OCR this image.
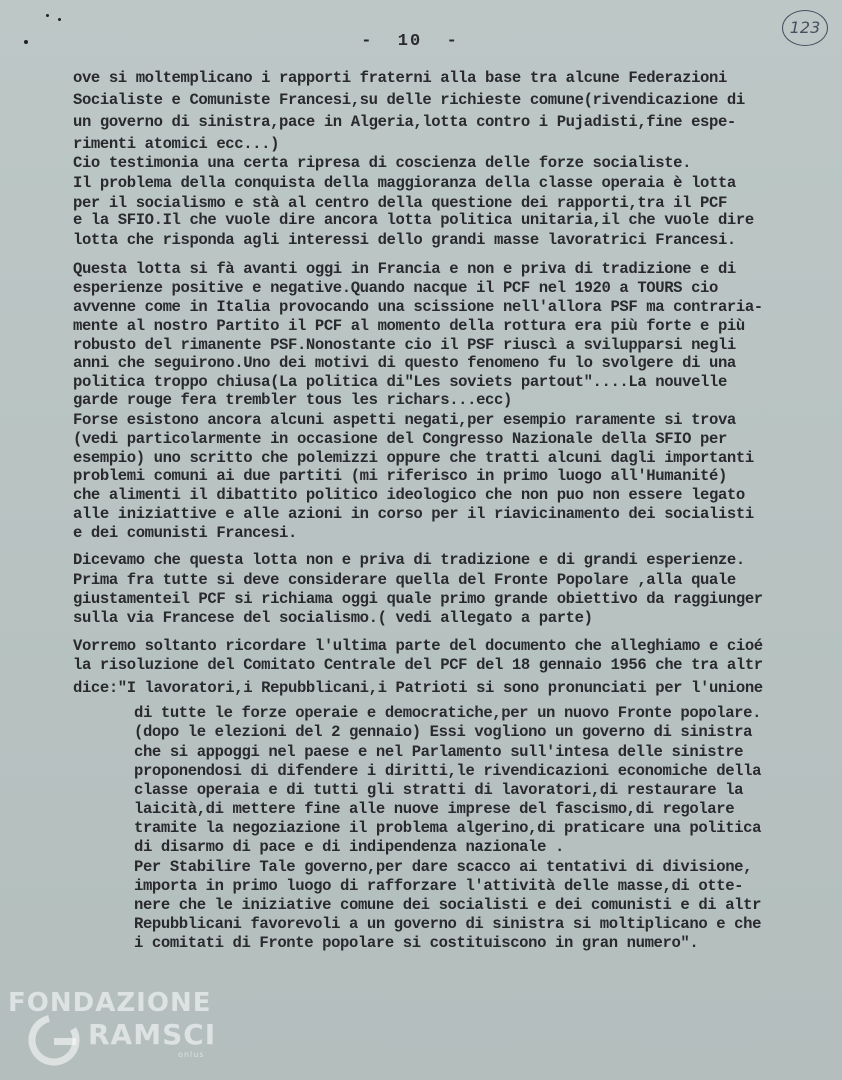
-  10  -
123
ove si moltemplicano i rapporti fraterni alla base tra alcune Federazioni
Socialiste e Comuniste Francesi,su delle richieste comune(rivendicazione di
un governo di sinistra,pace in Algeria,lotta contro i Pujadisti,fine espe-
rimenti atomici ecc...)
Cio testimonia una certa ripresa di coscienza delle forze socialiste.
Il problema della conquista della maggioranza della classe operaia è lotta
per il socialismo e stà al centro della questione dei rapporti,tra il PCF
e la SFIO.Il che vuole dire ancora lotta politica unitaria,il che vuole dire
lotta che risponda agli interessi dello grandi masse lavoratrici Francesi.
Questa lotta si fà avanti oggi in Francia e non e priva di tradizione e di
esperienze positive e negative.Quando nacque il PCF nel 1920 a TOURS cio
avvenne come in Italia provocando una scissione nell'allora PSF ma contraria-
mente al nostro Partito il PCF al momento della rottura era più forte e più
robusto del rimanente PSF.Nonostante cio il PSF riuscì a svilupparsi negli
anni che seguirono.Uno dei motivi di questo fenomeno fu lo svolgere di una
politica troppo chiusa(La politica di"Les soviets partout"....La nouvelle
garde rouge fera trembler tous les richars...ecc)
Forse esistono ancora alcuni aspetti negati,per esempio raramente si trova
(vedi particolarmente in occasione del Congresso Nazionale della SFIO per
esempio) uno scritto che polemizzi oppure che tratti alcuni dagli importanti
problemi comuni ai due partiti (mi riferisco in primo luogo all'Humanité)
che alimenti il dibattito politico ideologico che non puo non essere legato
alle iniziattive e alle azioni in corso per il riavicinamento dei socialisti
e dei comunisti Francesi.
Dicevamo che questa lotta non e priva di tradizione e di grandi esperienze.
Prima fra tutte si deve considerare quella del Fronte Popolare ,alla quale
giustamenteil PCF si richiama oggi quale primo grande obiettivo da raggiunger
sulla via Francese del socialismo.( vedi allegato a parte)
Vorremo soltanto ricordare l'ultima parte del documento che alleghiamo e cioé
la risoluzione del Comitato Centrale del PCF del 18 gennaio 1956 che tra altr
dice:"I lavoratori,i Repubblicani,i Patrioti si sono pronunciati per l'unione
di tutte le forze operaie e democratiche,per un nuovo Fronte popolare.
(dopo le elezioni del 2 gennaio) Essi vogliono un governo di sinistra
che si appoggi nel paese e nel Parlamento sull'intesa delle sinistre
proponendosi di difendere i diritti,le rivendicazioni economiche della
classe operaia e di tutti gli stratti di lavoratori,di restaurare la
laicità,di mettere fine alle nuove imprese del fascismo,di regolare
tramite la negoziazione il problema algerino,di praticare una politica
di disarmo di pace e di indipendenza nazionale .
Per Stabilire Tale governo,per dare scacco ai tentativi di divisione,
importa in primo luogo di rafforzare l'attività delle masse,di otte-
nere che le iniziative comune dei socialisti e dei comunisti e di altr
Repubblicani favorevoli a un governo di sinistra si moltiplicano e che
i comitati di Fronte popolare si costituiscono in gran numero".
FONDAZIONE
RAMSCI
onlus
